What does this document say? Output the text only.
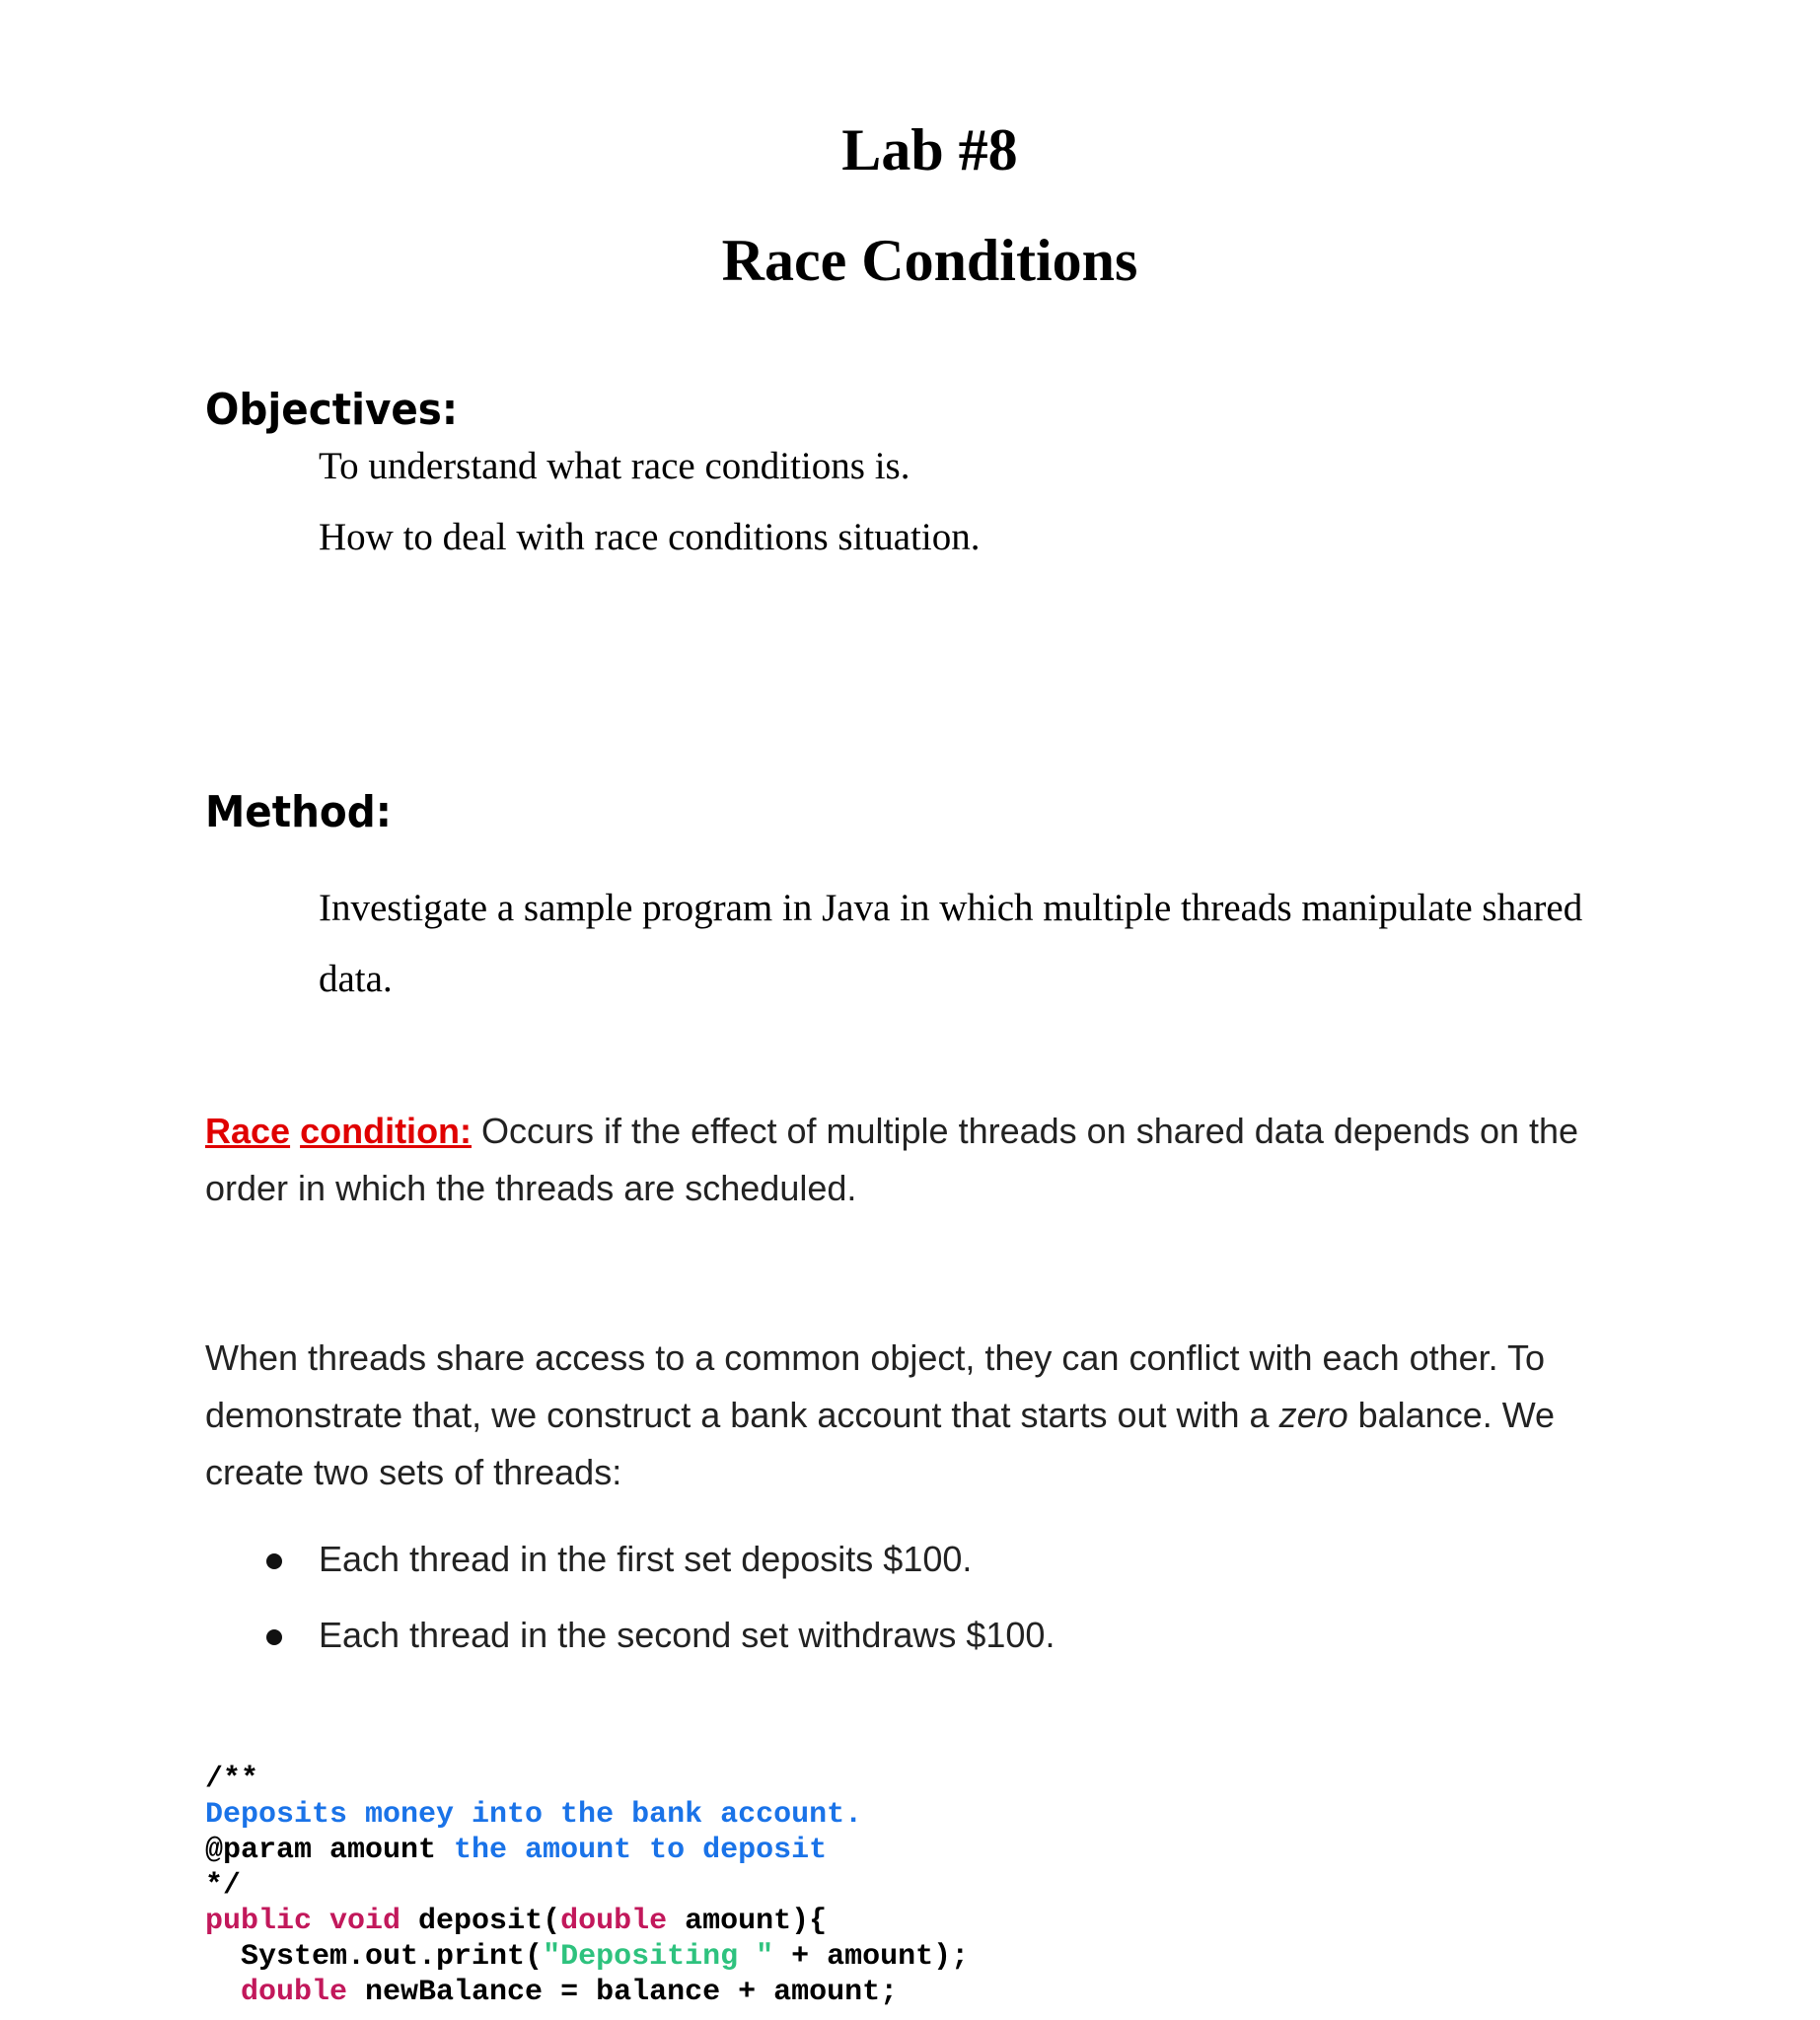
Lab #8
Race Conditions
Objectives:
To understand what race conditions is.
How to deal with race conditions situation.
Method:
Investigate a sample program in Java in which multiple threads manipulate shared
data.
Race condition: Occurs if the effect of multiple threads on shared data depends on the order in which the threads are scheduled.
When threads share access to a common object, they can conflict with each other. To demonstrate that, we construct a bank account that starts out with a zero balance. We create two sets of threads:
Each thread in the first set deposits $100.
Each thread in the second set withdraws $100.
/**
Deposits money into the bank account.
@param amount the amount to deposit
*/
public void deposit(double amount){
System.out.print("Depositing " + amount);
double newBalance = balance + amount;
